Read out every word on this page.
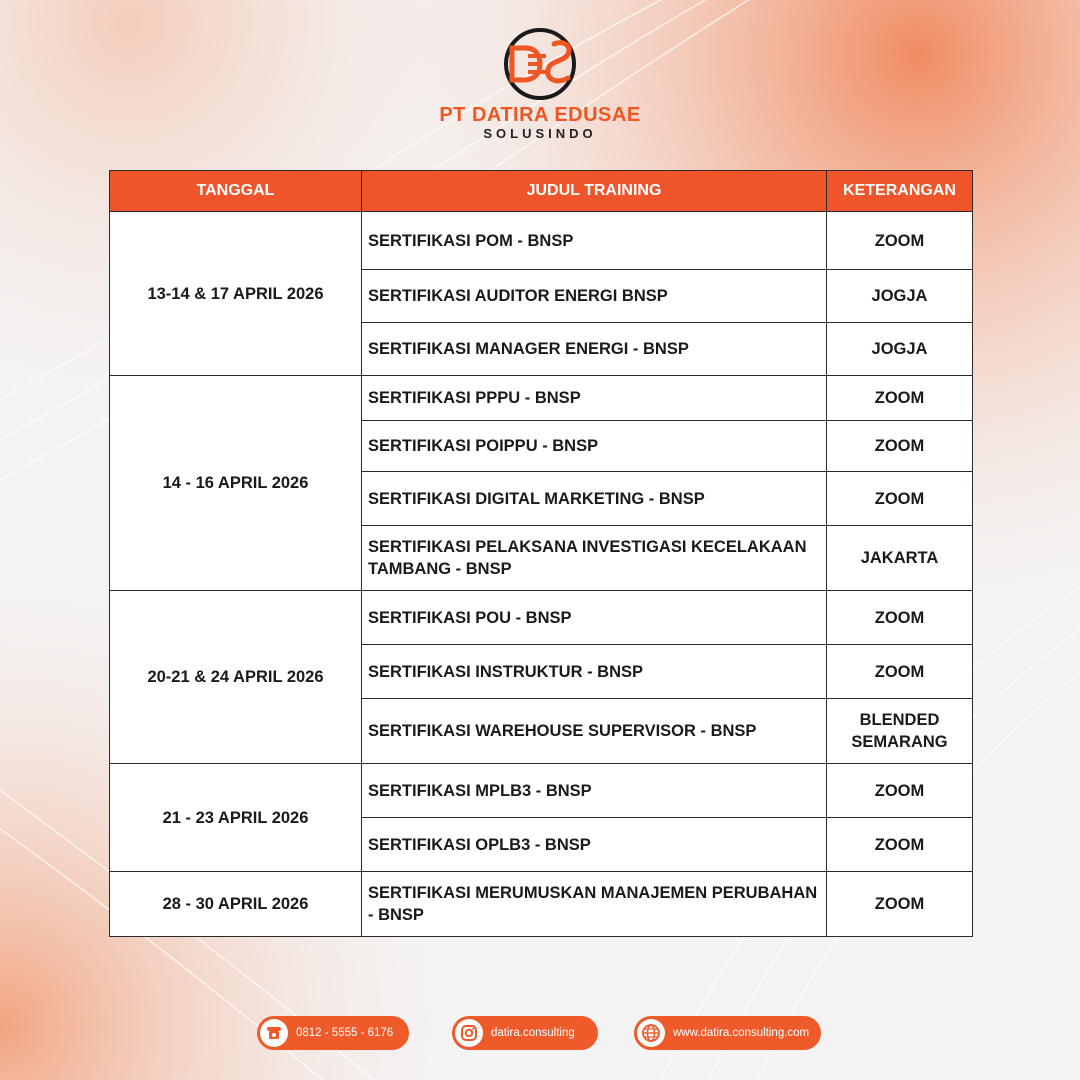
PT DATIRA EDUSAE
SOLUSINDO
TANGGAL	JUDUL TRAINING	KETERANGAN
13-14 & 17 APRIL 2026	SERTIFIKASI POM - BNSP	ZOOM
	SERTIFIKASI AUDITOR ENERGI BNSP	JOGJA
	SERTIFIKASI MANAGER ENERGI - BNSP	JOGJA
14 - 16 APRIL 2026	SERTIFIKASI PPPU - BNSP	ZOOM
	SERTIFIKASI POIPPU - BNSP	ZOOM
	SERTIFIKASI DIGITAL MARKETING - BNSP	ZOOM
	SERTIFIKASI PELAKSANA INVESTIGASI KECELAKAAN TAMBANG - BNSP	JAKARTA
20-21 & 24 APRIL 2026	SERTIFIKASI POU - BNSP	ZOOM
	SERTIFIKASI INSTRUKTUR - BNSP	ZOOM
	SERTIFIKASI WAREHOUSE SUPERVISOR - BNSP	BLENDED SEMARANG
21 - 23 APRIL 2026	SERTIFIKASI MPLB3 - BNSP	ZOOM
	SERTIFIKASI OPLB3 - BNSP	ZOOM
28 - 30 APRIL 2026	SERTIFIKASI MERUMUSKAN MANAJEMEN PERUBAHAN - BNSP	ZOOM
0812 - 5555 - 6176	datira.consulting	www.datira.consulting.com
